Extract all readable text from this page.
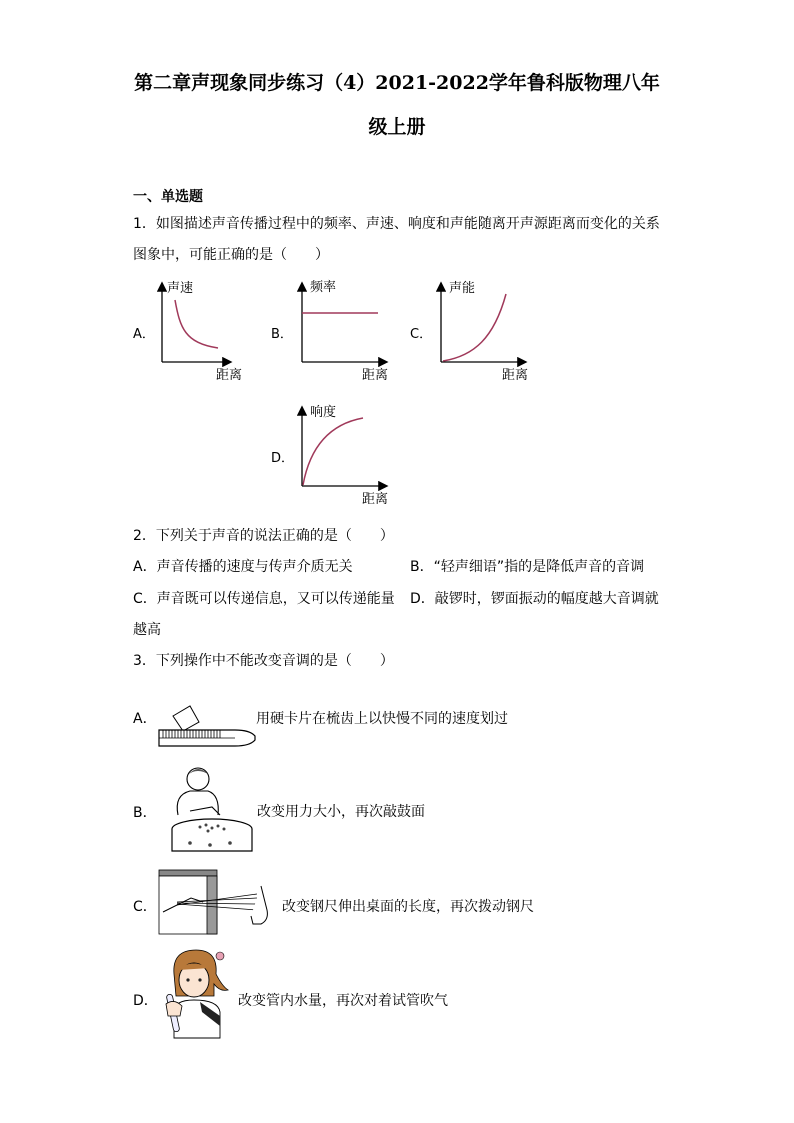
第二章声现象同步练习（4）2021-2022学年鲁科版物理八年
级上册
一、单选题
1．如图描述声音传播过程中的频率、声速、响度和声能随离开声源距离而变化的关系
图象中，可能正确的是（　　）
A．
声速
距离
B．
频率
距离
C．
声能
距离
D．
响度
距离
2．下列关于声音的说法正确的是（　　）
A．声音传播的速度与传声介质无关	B．“轻声细语”指的是降低声音的音调
C．声音既可以传递信息，又可以传递能量 D．敲锣时，锣面振动的幅度越大音调就
越高
3．下列操作中不能改变音调的是（　　）
A．	用硬卡片在梳齿上以快慢不同的速度划过
B．	改变用力大小，再次敲鼓面
C．	改变钢尺伸出桌面的长度，再次拨动钢尺
D．	改变管内水量，再次对着试管吹气
